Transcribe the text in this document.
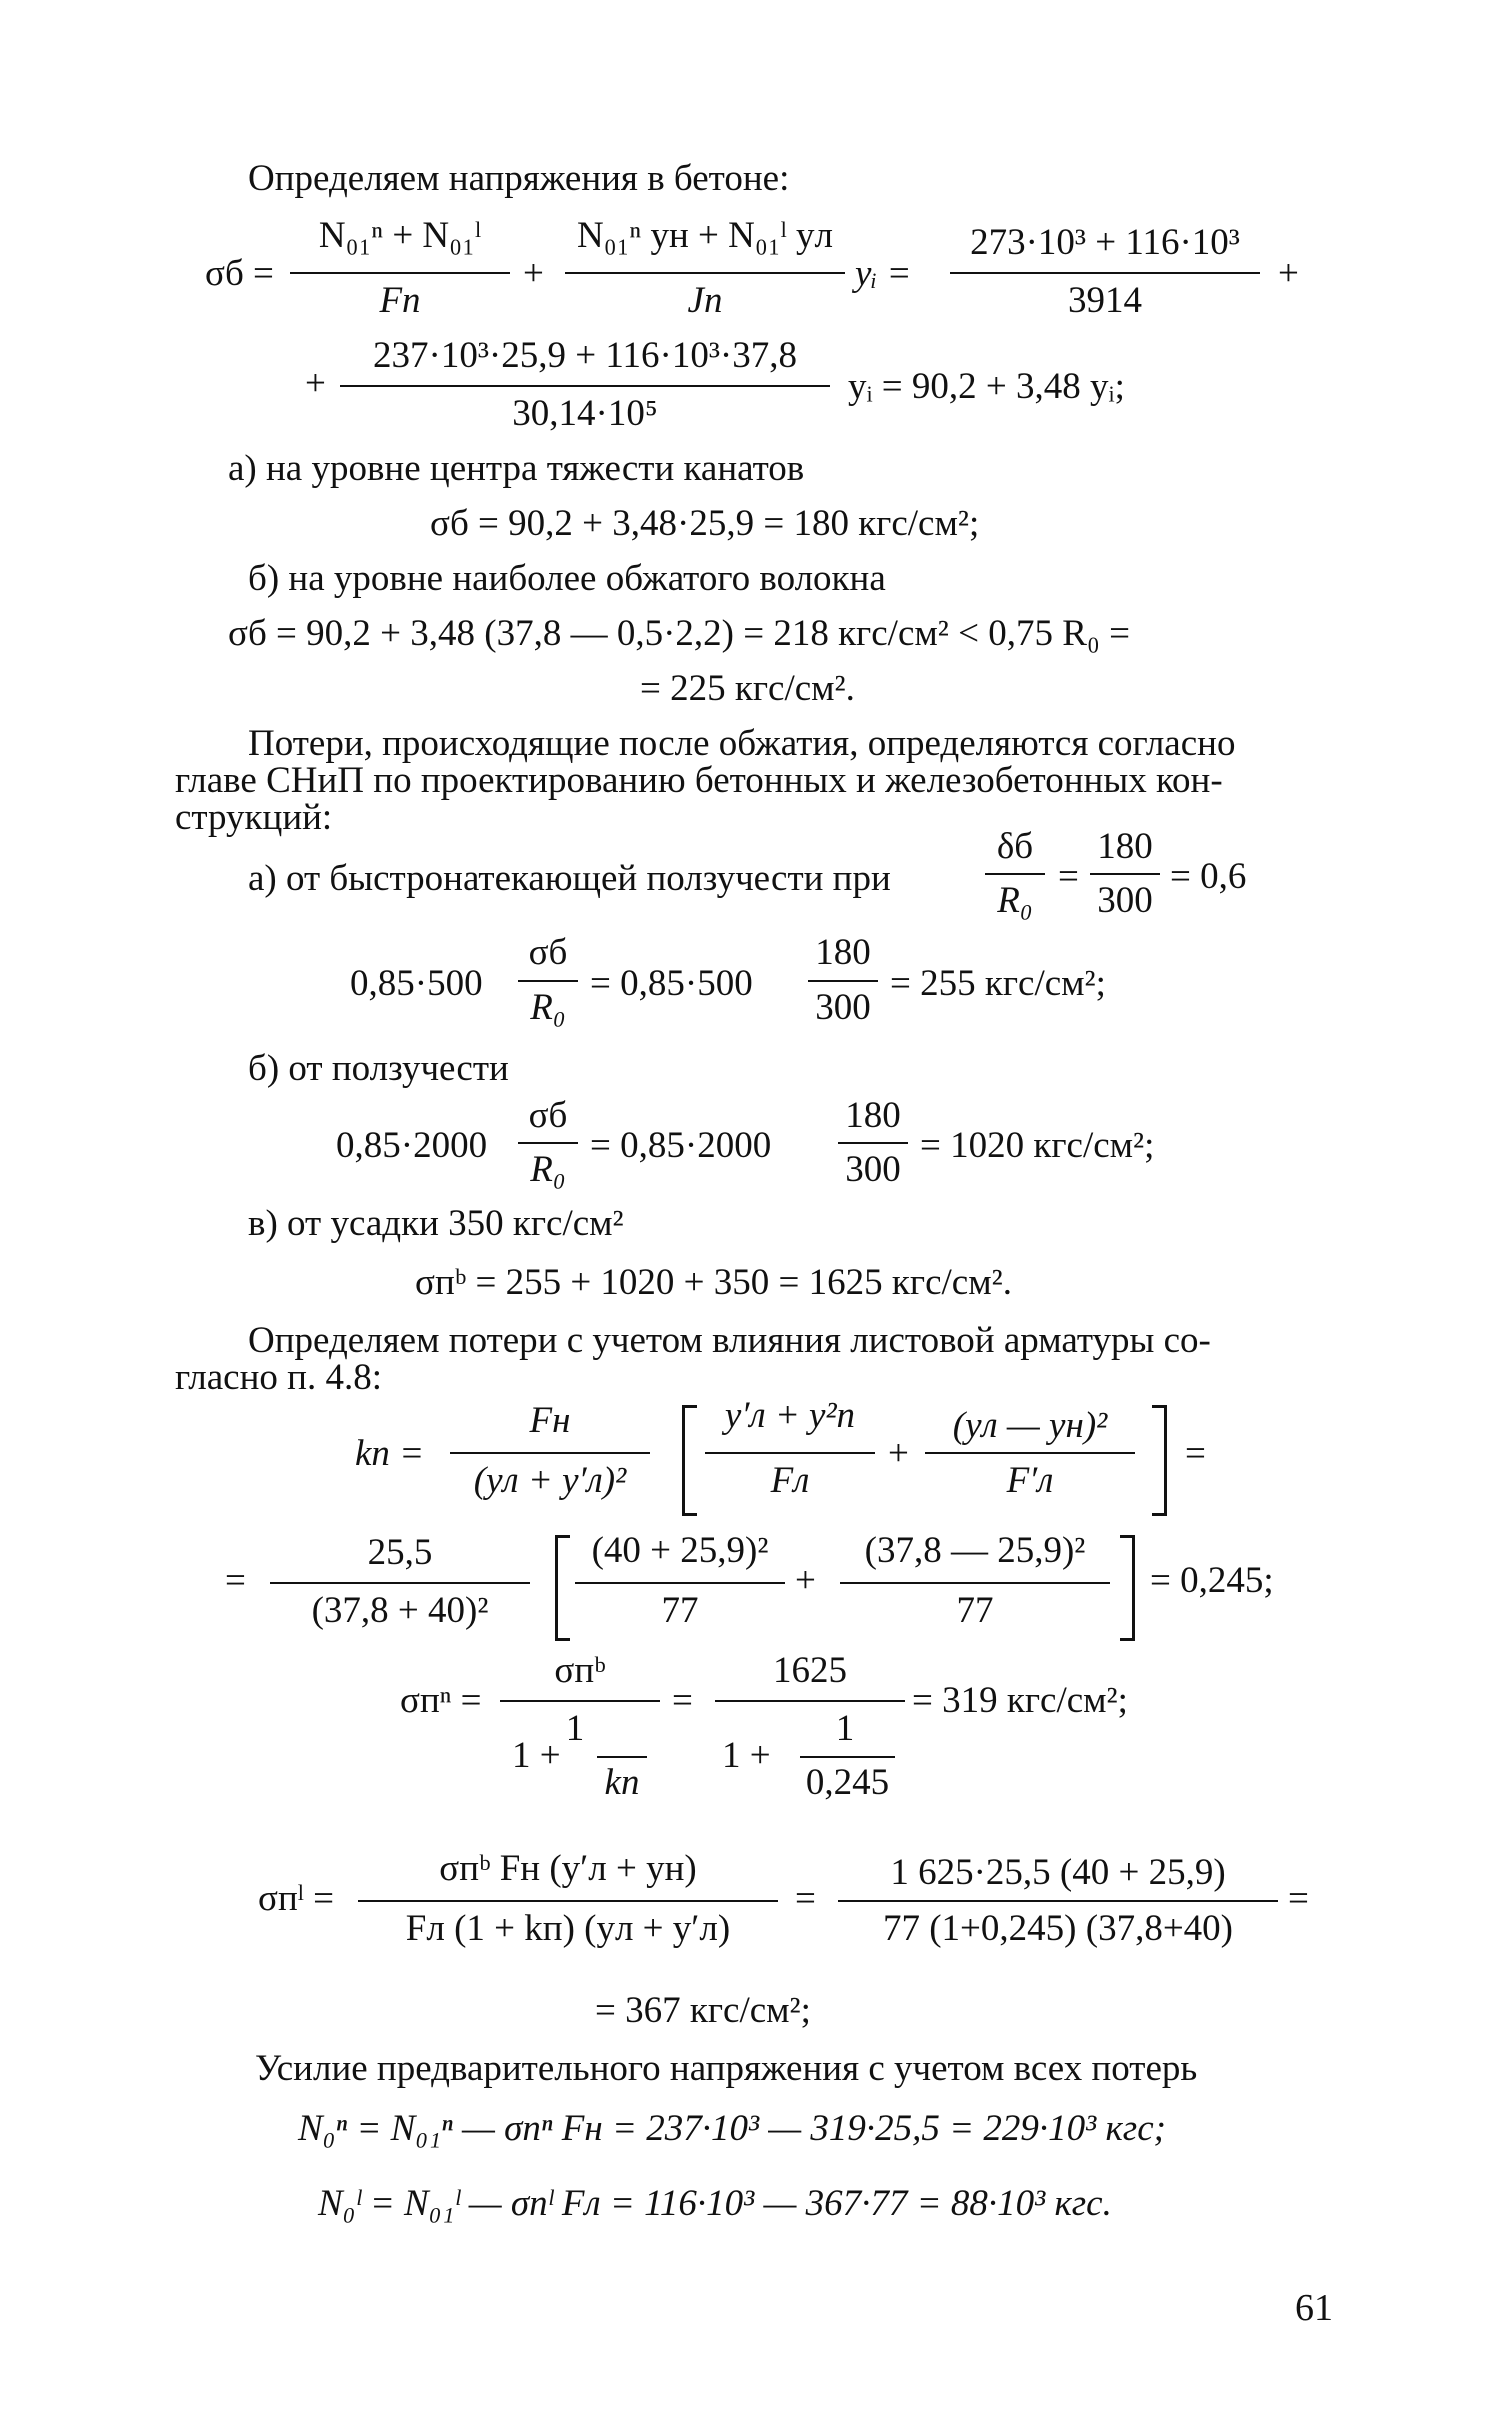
Определяем напряжения в бетоне:
σб =
N₀₁ⁿ + N₀₁ˡ
Fп
+
N₀₁ⁿ yн + N₀₁ˡ yл
Jп
yᵢ =
273·10³ + 116·10³
3914
+
+
237·10³·25,9 + 116·10³·37,8
30,14·10⁵
yᵢ = 90,2 + 3,48 yᵢ;
а) на уровне центра тяжести канатов
σб = 90,2 + 3,48·25,9 = 180 кгс/см²;
б) на уровне наиболее обжатого волокна
σб = 90,2 + 3,48 (37,8 — 0,5·2,2) = 218 кгс/см² < 0,75 R₀ =
= 225 кгс/см².
Потери, происходящие после обжатия, определяются согласно
главе СНиП по проектированию бетонных и железобетонных кон-
струкций:
а) от быстронатекающей ползучести при
δб
R₀
=
180
300
= 0,6
0,85·500
σб
R₀
= 0,85·500
180
300
= 255 кгс/см²;
б) от ползучести
0,85·2000
σб
R₀
= 0,85·2000
180
300
= 1020 кгс/см²;
в) от усадки 350 кгс/см²
σпᵇ = 255 + 1020 + 350 = 1625 кгс/см².
Определяем потери с учетом влияния листовой арматуры со-
гласно п. 4.8:
kп =
Fн
(yл + y′л)²
y′л + y²п
Fл
+
(yл — yн)²
F′л
=
=
25,5
(37,8 + 40)²
(40 + 25,9)²
77
+
(37,8 — 25,9)²
77
= 0,245;
σпⁿ =
σпᵇ
1
1 +
kп
=
1625
1
1 +
0,245
= 319 кгс/см²;
σпˡ =
σпᵇ Fн (y′л + yн)
Fл (1 + kп) (yл + y′л)
=
1 625·25,5 (40 + 25,9)
77 (1+0,245) (37,8+40)
=
= 367 кгс/см²;
Усилие предварительного напряжения с учетом всех потерь
N₀ⁿ = N₀₁ⁿ — σпⁿ Fн = 237·10³ — 319·25,5 = 229·10³ кгс;
N₀ˡ = N₀₁ˡ — σпˡ Fл = 116·10³ — 367·77 = 88·10³ кгс.
61
